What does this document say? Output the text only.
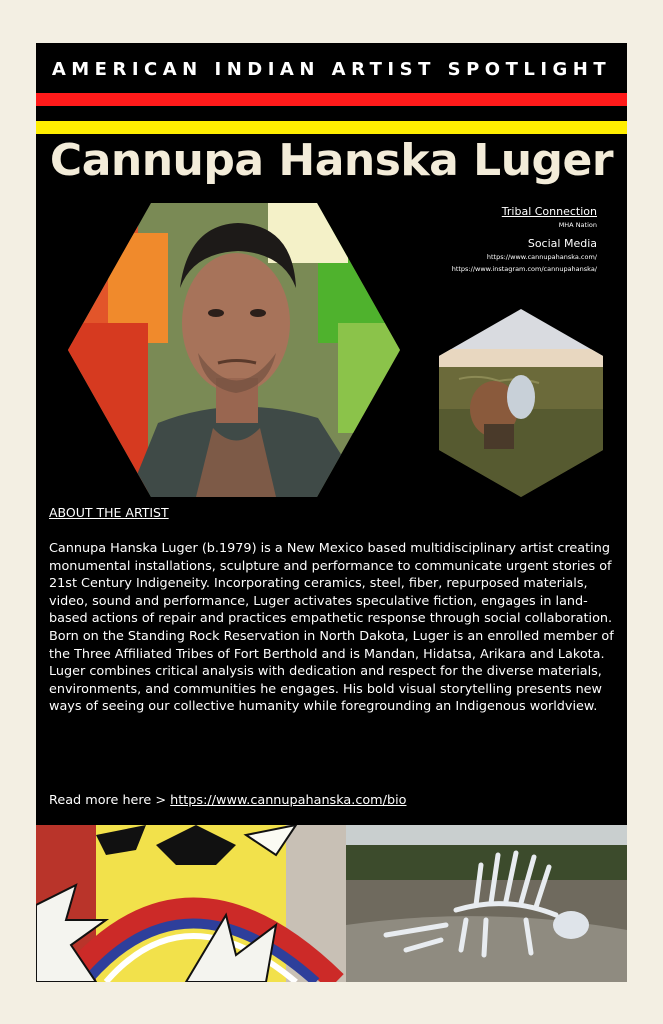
AMERICAN INDIAN ARTIST SPOTLIGHT
Cannupa Hanska Luger
Tribal Connection
MHA Nation
Social Media
https://www.cannupahanska.com/
https://www.instagram.com/cannupahanska/
ABOUT THE ARTIST
Cannupa Hanska Luger (b.1979) is a New Mexico based multidisciplinary artist creating monumental installations, sculpture and performance to communicate urgent stories of 21st Century Indigeneity. Incorporating ceramics, steel, fiber, repurposed materials, video, sound and performance, Luger activates speculative fiction, engages in land-based actions of repair and practices empathetic response through social collaboration. Born on the Standing Rock Reservation in North Dakota, Luger is an enrolled member of the Three Affiliated Tribes of Fort Berthold and is Mandan, Hidatsa, Arikara and Lakota. Luger combines critical analysis with dedication and respect for the diverse materials, environments, and communities he engages. His bold visual storytelling presents new ways of seeing our collective humanity while foregrounding an Indigenous worldview.
Read more here > https://www.cannupahanska.com/bio
